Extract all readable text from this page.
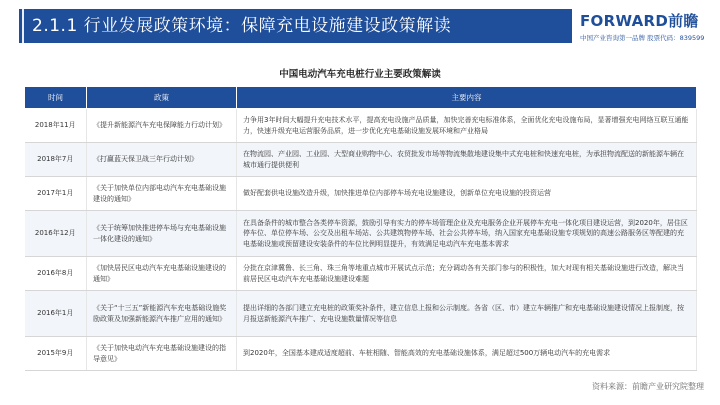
2.1.1 行业发展政策环境：保障充电设施建设政策解读	FORWARD前瞻
中国产业咨询第一品牌 股票代码：839599
中国电动汽车充电桩行业主要政策解读
时间	政策	主要内容
2018年11月	《提升新能源汽车充电保障能力行动计划》	力争用3年时间大幅提升充电技术水平，提高充电设施产品质量，加快完善充电标准体系，全面优化充电设施布局，显著增强充电网络互联互通能力，快速升级充电运营服务品质，进一步优化充电基础设施发展环境和产业格局
2018年7月	《打赢蓝天保卫战三年行动计划》	在物流园、产业园、工业园、大型商业购物中心、农贸批发市场等物流集散地建设集中式充电桩和快速充电桩，为承担物流配送的新能源车辆在城市通行提供便利
2017年1月	《关于加快单位内部电动汽车充电基础设施建设的通知》	做好配套供电设施改造升级，加快推进单位内部停车场充电设施建设，创新单位充电设施的投资运营
2016年12月	《关于统筹加快推进停车场与充电基础设施一体化建设的通知》	在具备条件的城市整合各类停车资源，鼓励引导有实力的停车场管理企业及充电服务企业开展停车充电一体化项目建设运营，到2020年，居住区停车位、单位停车场、公交及出租车场站、公共建筑物停车场、社会公共停车场，纳入国家充电基础设施专项规划的高速公路服务区等配建的充电基础设施或预留建设安装条件的车位比例明显提升，有效满足电动汽车充电基本需求
2016年8月	《加快居民区电动汽车充电基础设施建设的通知》	分批在京津冀鲁、长三角、珠三角等地重点城市开展试点示范；充分调动各有关部门参与的积极性，加大对现有相关基础设施进行改造，解决当前居民区电动汽车充电基础设施建设难题
2016年1月	《关于“十三五”新能源汽车充电基础设施奖励政策及加强新能源汽车推广应用的通知》	提出详细的各部门建立充电桩的政策奖补条件，建立信息上报和公示制度。各省（区、市）建立车辆推广和充电基础设施建设情况上报制度，按月报送新能源汽车推广、充电设施数量情况等信息
2015年9月	《关于加快电动汽车充电基础设施建设的指导意见》	到2020年，全国基本建成适度超前、车桩相随、智能高效的充电基础设施体系，满足超过500万辆电动汽车的充电需求
资料来源：前瞻产业研究院整理
